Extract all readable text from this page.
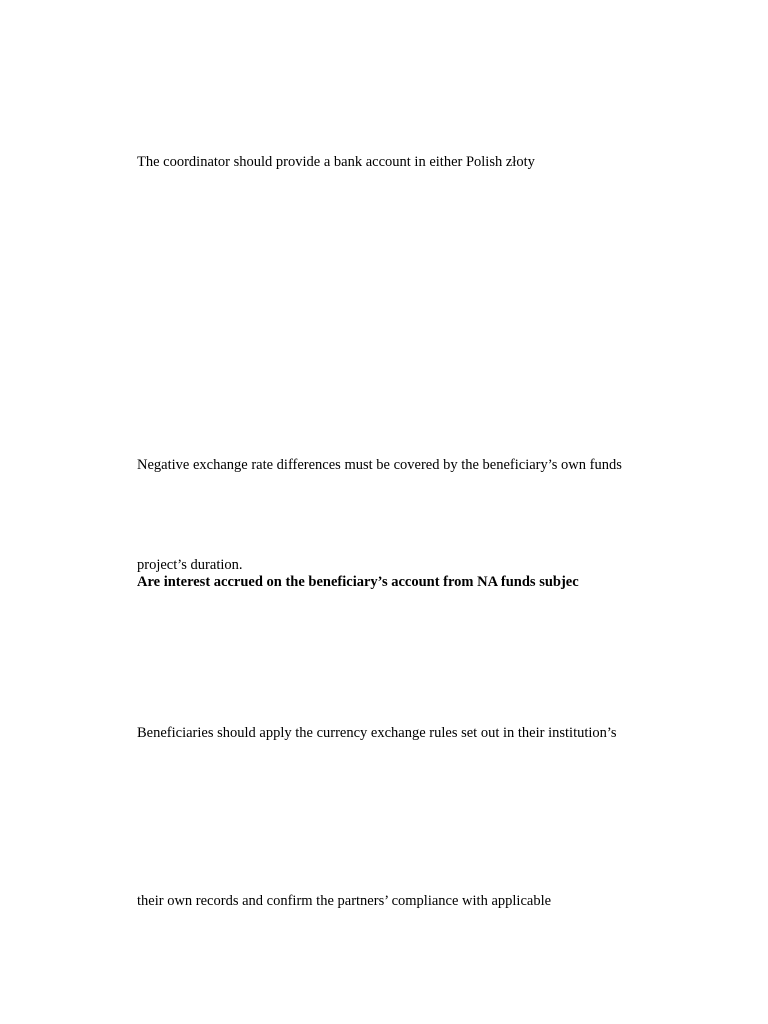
The coordinator should provide a bank account in either Polish złoty
Negative exchange rate differences must be covered by the beneficiary’s own funds
project’s duration.
Are interest accrued on the beneficiary’s account from NA funds subjec
Beneficiaries should apply the currency exchange rules set out in their institution’s
their own records and confirm the partners’ compliance with applicable
